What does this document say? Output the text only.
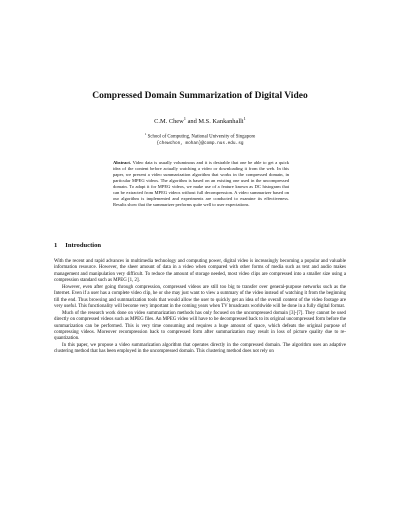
Compressed Domain Summarization of Digital Video
C.M. Chew$^1$ and M.S. Kankanhalli$^1$
$^1$ School of Computing, National University of Singapore
{chewchon, mohan}@comp.nus.edu.sg

Abstract. Video data is usually voluminous and it is desirable that one be able to get a quick idea of the content before actually watching a video or downloading it from the web. In this paper, we present a video summarization algorithm that works in the compressed domain, in particular MPEG videos. The algorithm is based on an existing one used in the uncompressed domain. To adapt it for MPEG videos, we make use of a feature known as DC histogram that can be extracted from MPEG videos without full decompression. A video summarizer based on our algorithm is implemented and experiments are conducted to examine its effectiveness. Results show that the summarizer performs quite well to user expectations.

1 Introduction

With the recent and rapid advances in multimedia technology and computing power, digital video is increasingly becoming a popular and valuable information resource. However, the sheer amount of data in a video when compared with other forms of media such as text and audio makes management and manipulation very difficult. To reduce the amount of storage needed, most video clips are compressed into a smaller size using a compression standard such as MPEG [1, 2].

However, even after going through compression, compressed videos are still too big to transfer over general-purpose networks such as the Internet. Even if a user has a complete video clip, he or she may just want to view a summary of the video instead of watching it from the beginning till the end. Thus browsing and summarization tools that would allow the user to quickly get an idea of the overall content of the video footage are very useful. This functionality will become very important in the coming years when TV broadcasts worldwide will be done in a fully digital format.

Much of the research work done on video summarization methods has only focused on the uncompressed domain [3]-[7]. They cannot be used directly on compressed videos such as MPEG files. An MPEG video will have to be decompressed back to its original uncompressed form before the summarization can be performed. This is very time consuming and requires a huge amount of space, which defeats the original purpose of compressing videos. Moreover recompression back to compressed form after summarization may result in loss of picture quality due to re-quantization.

In this paper, we propose a video summarization algorithm that operates directly in the compressed domain. The algorithm uses an adaptive clustering method that has been employed in the uncompressed domain. This clustering method does not rely on
